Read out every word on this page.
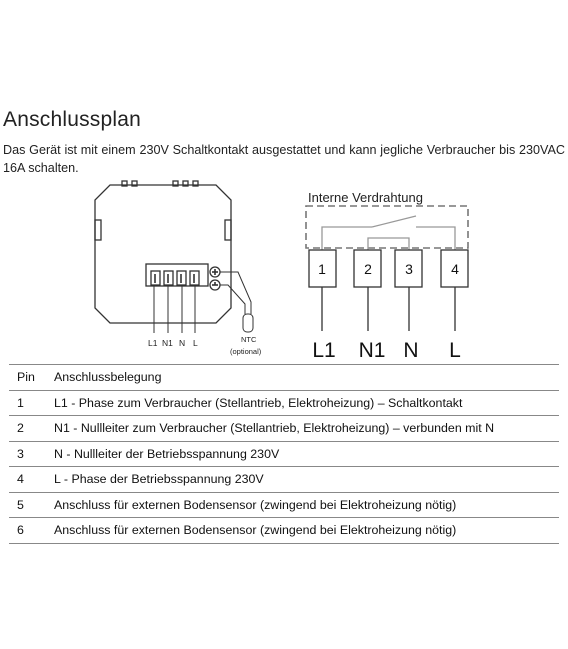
Anschlussplan
Das Gerät ist mit einem 230V Schaltkontakt ausgestattet und kann jegliche Verbraucher bis 230VAC 16A schalten.
L1 N1 N L	NTC
(optional)
Interne Verdrahtung
1	2 3	4
L1 N1 N L
Pin	Anschlussbelegung
1	L1 - Phase zum Verbraucher (Stellantrieb, Elektroheizung) – Schaltkontakt
2	N1 - Nullleiter zum Verbraucher (Stellantrieb, Elektroheizung) – verbunden mit N
3	N - Nullleiter der Betriebsspannung 230V
4	L - Phase der Betriebsspannung 230V
5	Anschluss für externen Bodensensor (zwingend bei Elektroheizung nötig)
6	Anschluss für externen Bodensensor (zwingend bei Elektroheizung nötig)
